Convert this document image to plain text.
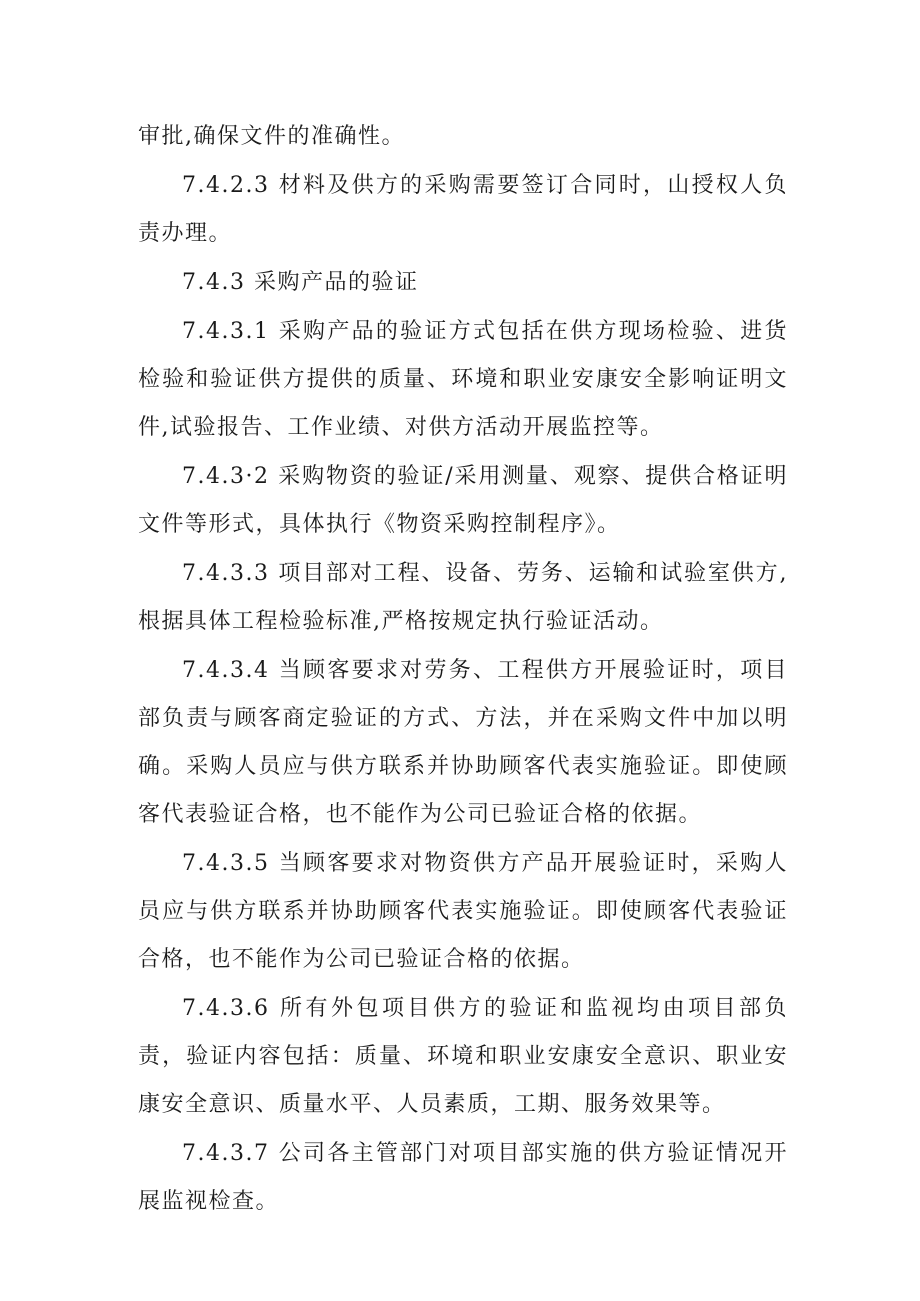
审批,确保文件的准确性。

7.4.2.3 材料及供方的采购需要签订合同时，山授权人负责办理。

7.4.3 采购产品的验证

7.4.3.1 采购产品的验证方式包括在供方现场检验、进货检验和验证供方提供的质量、环境和职业安康安全影响证明文件,试验报告、工作业绩、对供方活动开展监控等。

7.4.3·2 采购物资的验证/采用测量、观察、提供合格证明文件等形式，具体执行《物资采购控制程序》。

7.4.3.3 项目部对工程、设备、劳务、运输和试验室供方,根据具体工程检验标准,严格按规定执行验证活动。

7.4.3.4 当顾客要求对劳务、工程供方开展验证时，项目部负责与顾客商定验证的方式、方法，并在采购文件中加以明确。采购人员应与供方联系并协助顾客代表实施验证。即使顾客代表验证合格，也不能作为公司已验证合格的依据。

7.4.3.5 当顾客要求对物资供方产品开展验证时，采购人员应与供方联系并协助顾客代表实施验证。即使顾客代表验证合格，也不能作为公司已验证合格的依据。

7.4.3.6 所有外包项目供方的验证和监视均由项目部负责，验证内容包括：质量、环境和职业安康安全意识、职业安康安全意识、质量水平、人员素质，工期、服务效果等。

7.4.3.7 公司各主管部门对项目部实施的供方验证情况开展监视检查。
